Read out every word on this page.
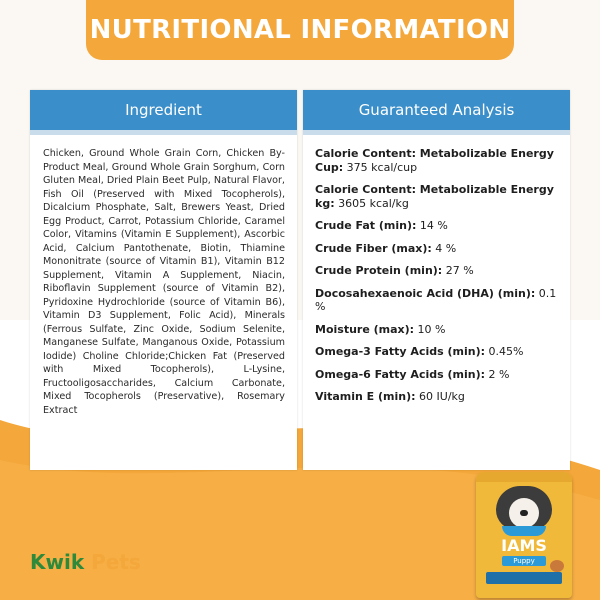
NUTRITIONAL INFORMATION
Ingredient
Chicken, Ground Whole Grain Corn, Chicken By-Product Meal, Ground Whole Grain Sorghum, Corn Gluten Meal, Dried Plain Beet Pulp, Natural Flavor, Fish Oil (Preserved with Mixed Tocopherols), Dicalcium Phosphate, Salt, Brewers Yeast, Dried Egg Product, Carrot, Potassium Chloride, Caramel Color, Vitamins (Vitamin E Supplement), Ascorbic Acid, Calcium Pantothenate, Biotin, Thiamine Mononitrate (source of Vitamin B1), Vitamin B12 Supplement, Vitamin A Supplement, Niacin, Riboflavin Supplement (source of Vitamin B2), Pyridoxine Hydrochloride (source of Vitamin B6), Vitamin D3 Supplement, Folic Acid), Minerals (Ferrous Sulfate, Zinc Oxide, Sodium Selenite, Manganese Sulfate, Manganous Oxide, Potassium Iodide) Choline Chloride;Chicken Fat (Preserved with Mixed Tocopherols), L-Lysine, Fructooligosaccharides, Calcium Carbonate, Mixed Tocopherols (Preservative), Rosemary Extract
Guaranteed Analysis
Calorie Content: Metabolizable Energy Cup: 375 kcal/cup
Calorie Content: Metabolizable Energy kg: 3605 kcal/kg
Crude Fat (min): 14 %
Crude Fiber (max): 4 %
Crude Protein (min): 27 %
Docosahexaenoic Acid (DHA) (min): 0.1 %
Moisture (max): 10 %
Omega-3 Fatty Acids (min): 0.45%
Omega-6 Fatty Acids (min): 2 %
Vitamin E (min): 60 IU/kg
Kwik Pets
IAMS
Puppy
